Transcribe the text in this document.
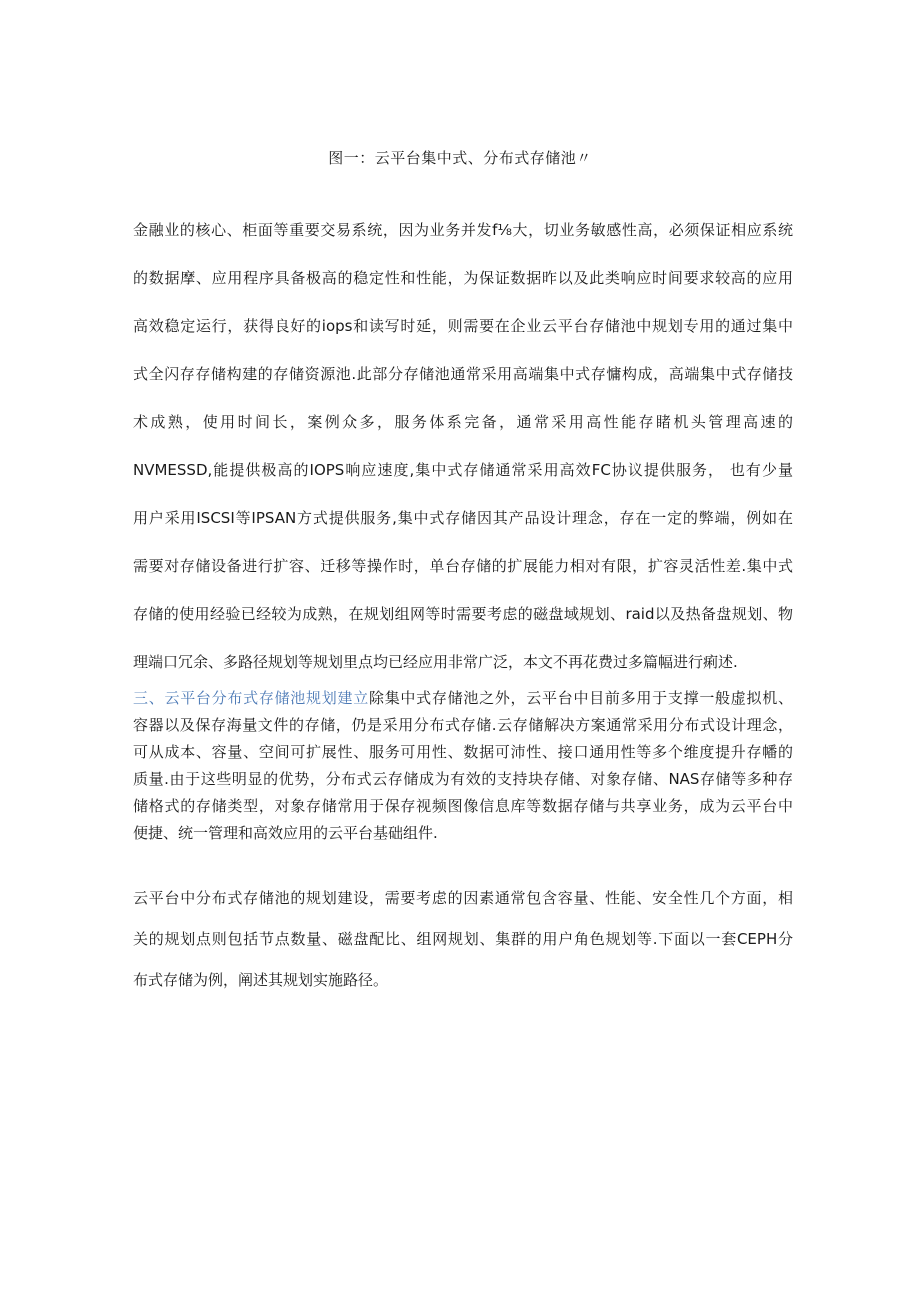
图一：云平台集中式、分布式存储池〃

金融业的核心、柜面等重要交易系统，因为业务并发f⅛大，切业务敏感性高，必须保证相应系统
的数据摩、应用程序具备极高的稳定性和性能，为保证数据昨以及此类响应时间要求较高的应用
高效稳定运行，获得良好的iops和读写时延，则需要在企业云平台存储池中规划专用的通过集中
式全闪存存储构建的存储资源池.此部分存储池通常采用高端集中式存慵构成，高端集中式存储技
术成熟，使用时间长，案例众多，服务体系完备，通常采用高性能存睹机头管理高速的
NVMESSD,能提供极高的IOPS响应速度,集中式存储通常采用高效FC协议提供服务， 也有少量
用户采用ISCSI等IPSAN方式提供服务,集中式存储因其产品设计理念，存在一定的弊端，例如在
需要对存储设备进行扩容、迁移等操作时，单台存储的扩展能力相对有限，扩容灵活性差.集中式
存储的使用经验已经较为成熟，在规划组网等时需要考虑的磁盘域规划、raid以及热备盘规划、物
理端口冗余、多路径规划等规划里点均已经应用非常广泛，本文不再花费过多篇幅进行痢述.

三、云平台分布式存储池规划建立除集中式存储池之外，云平台中目前多用于支撑一般虚拟机、
容器以及保存海量文件的存储，仍是采用分布式存储.云存储解决方案通常采用分布式设计理念，
可从成本、容量、空间可扩展性、服务可用性、数据可沛性、接口通用性等多个维度提升存幡的
质量.由于这些明显的优势，分布式云存储成为有效的支持块存储、对象存储、NAS存储等多种存
储格式的存储类型，对象存储常用于保存视频图像信息库等数据存储与共享业务，成为云平台中
便捷、统一管理和高效应用的云平台基础组件.

云平台中分布式存储池的规划建设，需要考虑的因素通常包含容量、性能、安全性几个方面，相
关的规划点则包括节点数量、磁盘配比、组网规划、集群的用户角色规划等.下面以一套CEPH分
布式存储为例，阐述其规划实施路径。
